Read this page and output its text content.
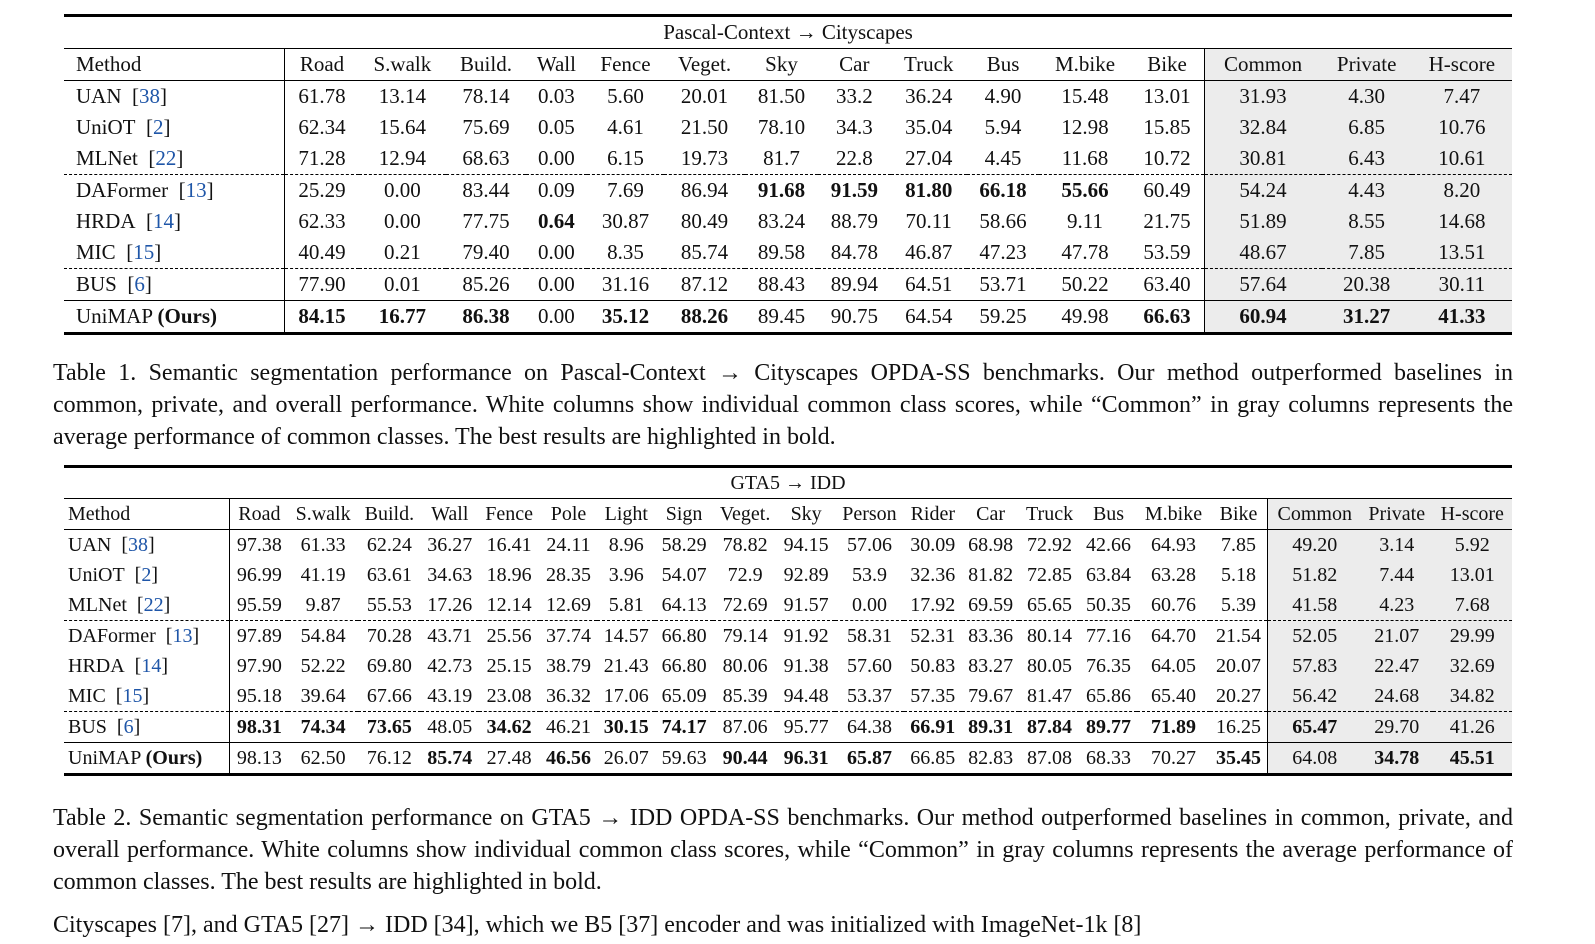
Pascal-Context → Cityscapes															
Method	Road	S.walk	Build.	Wall	Fence	Veget.	Sky	Car	Truck	Bus	M.bike	Bike	Common	Private	H-score
UAN  [38]	61.78	13.14	78.14	0.03	5.60	20.01	81.50	33.2	36.24	4.90	15.48	13.01	31.93	4.30	7.47
UniOT  [2]	62.34	15.64	75.69	0.05	4.61	21.50	78.10	34.3	35.04	5.94	12.98	15.85	32.84	6.85	10.76
MLNet  [22]	71.28	12.94	68.63	0.00	6.15	19.73	81.7	22.8	27.04	4.45	11.68	10.72	30.81	6.43	10.61
DAFormer  [13]	25.29	0.00	83.44	0.09	7.69	86.94	91.68	91.59	81.80	66.18	55.66	60.49	54.24	4.43	8.20
HRDA  [14]	62.33	0.00	77.75	0.64	30.87	80.49	83.24	88.79	70.11	58.66	9.11	21.75	51.89	8.55	14.68
MIC  [15]	40.49	0.21	79.40	0.00	8.35	85.74	89.58	84.78	46.87	47.23	47.78	53.59	48.67	7.85	13.51
BUS  [6]	77.90	0.01	85.26	0.00	31.16	87.12	88.43	89.94	64.51	53.71	50.22	63.40	57.64	20.38	30.11
UniMAP (Ours)	84.15	16.77	86.38	0.00	35.12	88.26	89.45	90.75	64.54	59.25	49.98	66.63	60.94	31.27	41.33
Table 1. Semantic segmentation performance on Pascal-Context → Cityscapes OPDA-SS benchmarks. Our method outperformed baselines in common, private, and overall performance. White columns show individual common class scores, while “Common” in gray columns represents the average performance of common classes. The best results are highlighted in bold.
GTA5 → IDD																				
Method	Road	S.walk	Build.	Wall	Fence	Pole	Light	Sign	Veget.	Sky	Person	Rider	Car	Truck	Bus	M.bike	Bike	Common	Private	H-score
UAN  [38]	97.38	61.33	62.24	36.27	16.41	24.11	8.96	58.29	78.82	94.15	57.06	30.09	68.98	72.92	42.66	64.93	7.85	49.20	3.14	5.92
UniOT  [2]	96.99	41.19	63.61	34.63	18.96	28.35	3.96	54.07	72.9	92.89	53.9	32.36	81.82	72.85	63.84	63.28	5.18	51.82	7.44	13.01
MLNet  [22]	95.59	9.87	55.53	17.26	12.14	12.69	5.81	64.13	72.69	91.57	0.00	17.92	69.59	65.65	50.35	60.76	5.39	41.58	4.23	7.68
DAFormer  [13]	97.89	54.84	70.28	43.71	25.56	37.74	14.57	66.80	79.14	91.92	58.31	52.31	83.36	80.14	77.16	64.70	21.54	52.05	21.07	29.99
HRDA  [14]	97.90	52.22	69.80	42.73	25.15	38.79	21.43	66.80	80.06	91.38	57.60	50.83	83.27	80.05	76.35	64.05	20.07	57.83	22.47	32.69
MIC  [15]	95.18	39.64	67.66	43.19	23.08	36.32	17.06	65.09	85.39	94.48	53.37	57.35	79.67	81.47	65.86	65.40	20.27	56.42	24.68	34.82
BUS  [6]	98.31	74.34	73.65	48.05	34.62	46.21	30.15	74.17	87.06	95.77	64.38	66.91	89.31	87.84	89.77	71.89	16.25	65.47	29.70	41.26
UniMAP (Ours)	98.13	62.50	76.12	85.74	27.48	46.56	26.07	59.63	90.44	96.31	65.87	66.85	82.83	87.08	68.33	70.27	35.45	64.08	34.78	45.51
Table 2. Semantic segmentation performance on GTA5 → IDD OPDA-SS benchmarks. Our method outperformed baselines in common, private, and overall performance. White columns show individual common class scores, while “Common” in gray columns represents the average performance of common classes. The best results are highlighted in bold.
Cityscapes [7], and GTA5 [27] → IDD [34], which we B5 [37] encoder and was initialized with ImageNet-1k [8]
